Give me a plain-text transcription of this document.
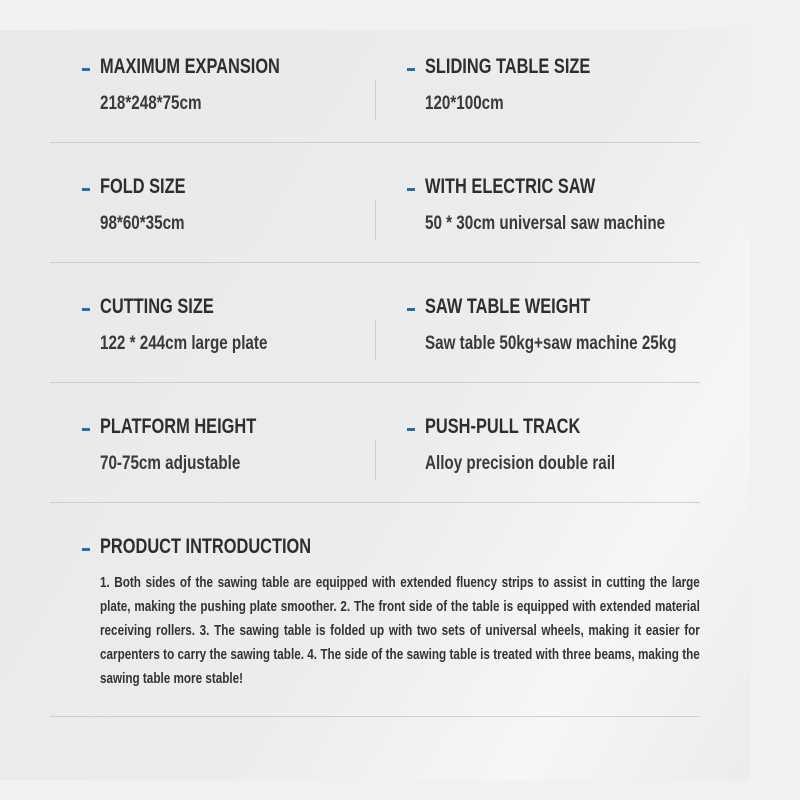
MAXIMUM EXPANSION
218*248*75cm
SLIDING TABLE SIZE
120*100cm
FOLD SIZE
98*60*35cm
WITH ELECTRIC SAW
50 * 30cm universal saw machine
CUTTING SIZE
122 * 244cm large plate
SAW TABLE WEIGHT
Saw table 50kg+saw machine 25kg
PLATFORM HEIGHT
70-75cm adjustable
PUSH-PULL TRACK
Alloy precision double rail
PRODUCT INTRODUCTION
1. Both sides of the sawing table are equipped with extended fluency strips to assist in cutting the large plate, making the pushing plate smoother. 2. The front side of the table is equipped with extended material receiving rollers. 3. The sawing table is folded up with two sets of universal wheels, making it easier for carpenters to carry the sawing table. 4. The side of the sawing table is treated with three beams, making the sawing table more stable!
